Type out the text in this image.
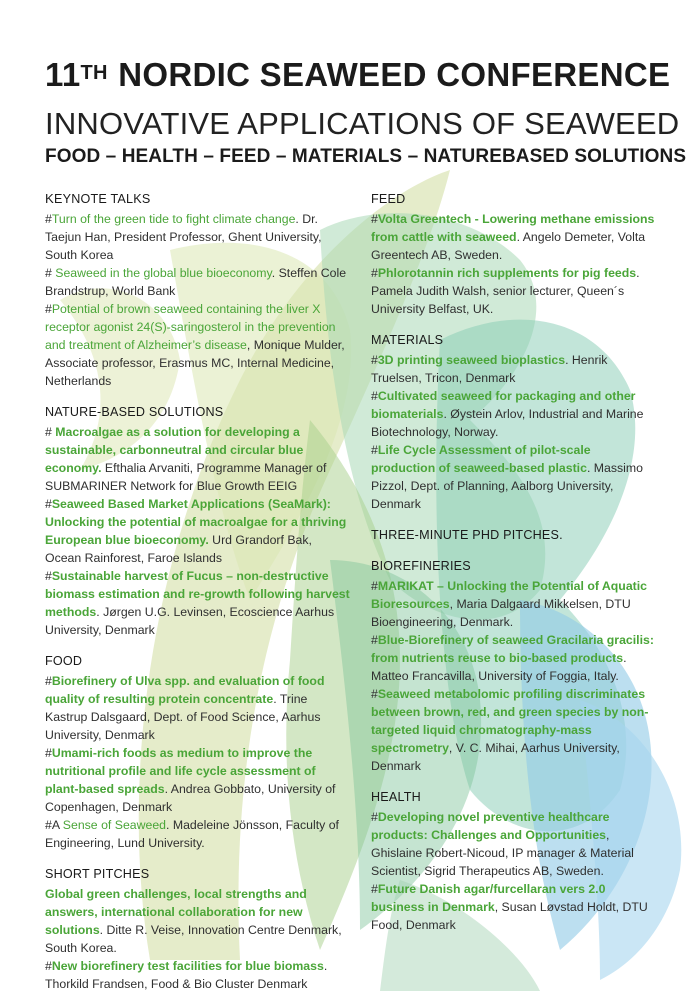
11TH NORDIC SEAWEED CONFERENCE
INNOVATIVE APPLICATIONS OF SEAWEED
FOOD – HEALTH – FEED – MATERIALS – NATUREBASED SOLUTIONS
KEYNOTE TALKS

#Turn of the green tide to fight climate change. Dr. Taejun Han, President Professor, Ghent University, South Korea

# Seaweed in the global blue bioeconomy. Steffen Cole Brandstrup, World Bank

#Potential of brown seaweed containing the liver X receptor agonist 24(S)-saringosterol in the prevention and treatment of Alzheimer’s disease, Monique Mulder, Associate professor, Erasmus MC, Internal Medicine, Netherlands

NATURE-BASED SOLUTIONS

# Macroalgae as a solution for developing a sustainable, carbonneutral and circular blue economy. Efthalia Arvaniti, Programme Manager of SUBMARINER Network for Blue Growth EEIG

#Seaweed Based Market Applications (SeaMark): Unlocking the potential of macroalgae for a thriving European blue bioeconomy. Urd Grandorf Bak, Ocean Rainforest, Faroe Islands

#Sustainable harvest of Fucus – non-destructive biomass estimation and re-growth following harvest methods. Jørgen U.G. Levinsen, Ecoscience Aarhus University, Denmark

FOOD

#Biorefinery of Ulva spp. and evaluation of food quality of resulting protein concentrate. Trine Kastrup Dalsgaard, Dept. of Food Science, Aarhus University, Denmark

#Umami-rich foods as medium to improve the nutritional profile and life cycle assessment of plant-based spreads. Andrea Gobbato, University of Copenhagen, Denmark

#A Sense of Seaweed. Madeleine Jönsson, Faculty of Engineering, Lund University.

SHORT PITCHES

Global green challenges, local strengths and answers, international collaboration for new solutions. Ditte R. Veise, Innovation Centre Denmark, South Korea.

#New biorefinery test facilities for blue biomass. Thorkild Frandsen, Food & Bio Cluster Denmark

FEED

#Volta Greentech - Lowering methane emissions from cattle with seaweed. Angelo Demeter, Volta Greentech AB, Sweden.

#Phlorotannin rich supplements for pig feeds. Pamela Judith Walsh, senior lecturer, Queen´s University Belfast, UK.

MATERIALS

#3D printing seaweed bioplastics. Henrik Truelsen, Tricon, Denmark

#Cultivated seaweed for packaging and other biomaterials. Øystein Arlov, Industrial and Marine Biotechnology, Norway.

#Life Cycle Assessment of pilot-scale production of seaweed-based plastic. Massimo Pizzol, Dept. of Planning, Aalborg University, Denmark

THREE-MINUTE PHD PITCHES.
BIOREFINERIES

#MARIKAT – Unlocking the Potential of Aquatic Bioresources, Maria Dalgaard Mikkelsen, DTU Bioengineering, Denmark.

#Blue-Biorefinery of seaweed Gracilaria gracilis: from nutrients reuse to bio-based products. Matteo Francavilla, University of Foggia, Italy.

#Seaweed metabolomic profiling discriminates between brown, red, and green species by non-targeted liquid chromatography-mass spectrometry, V. C. Mihai, Aarhus University, Denmark

HEALTH

#Developing novel preventive healthcare products: Challenges and Opportunities, Ghislaine Robert-Nicoud, IP manager & Material Scientist, Sigrid Therapeutics AB, Sweden.

#Future Danish agar/furcellaran vers 2.0 business in Denmark, Susan Løvstad Holdt, DTU Food, Denmark
